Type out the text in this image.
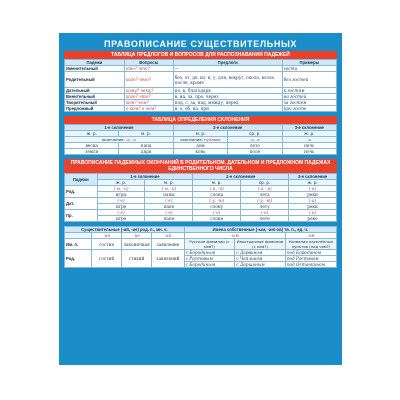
ПРАВОПИСАНИЕ СУЩЕСТВИТЕЛЬНЫХ
ТАБЛИЦА ПРЕДЛОГОВ И ВОПРОСОВ ДЛЯ РАСПОЗНАВАНИЯ ПАДЕЖЕЙ
Падежи	Вопросы	Предлоги	Примеры
Именительный	кто? что?	—	гости
Родительный	кого? чего?	без, от, до, из, к, у, для, вокруг, около, возле, после, кроме	без гостей
Дательный	кому? чему?	по, к, благодаря	к гостям
Винительный	кого? что?	в, на, за, про, через	на гостей
Творительный	кем? чем?	под, с, за, над, между, перед	за гостем
Предложный	о ком? о чём?	в, о, об, на, при	при госте
ТАБЛИЦА ОПРЕДЕЛЕНИЯ СКЛОНЕНИЯ
1-е склонение		2-е склонение		3-е склонение
ж. р.	м. р.	м. р.	ср. р.	ж. р.
окончание: -а, -я		окончание: нулевое	-о, -е	-ь
весна	папа	дом	лето	печь
земля	дядя	конь	поле	ночь
ПРАВОПИСАНИЕ ПАДЕЖНЫХ ОКОНЧАНИЙ В РОДИТЕЛЬНОМ, ДАТЕЛЬНОМ И ПРЕДЛОЖНОМ ПАДЕЖАХ ЕДИНСТВЕННОГО ЧИСЛА
Падежи	1-е склонение		2-е склонение		3-е склонение
	ж. р.	м. р.	м. р.	ср. р.	ж. р.
Род.	(-ы, -и)	(-ы, -и)	(-а, -я)	(-а, -я)	(-и)
	игры	папы	слона	лета	реки
Дат.	(-е)	(-е)	(-у, -ю)	(-у, -ю)	(-и)
	игре	папе	слону	лету	реки
Пр.	(-е)	(-е)	(-е)	(-е)	(-и)
	игре	папе	слоне	лете	реке
Существительные (-ий, -ие) род. п., мн. ч.				Имена собственные (-ым, -ин/-ов) тв. п., ед. ч.		
	-ия	-ие	-ий	-ым		-ом
Им. п.	гостия	лаконичная	заявление	Русские фамилии (с кем?)	Иностранные фамилии (с кем?)	Названия населённых пунктов (под чем?)
Род.	гостий	стихий	заявлений	с Бородиным	с Дарвином	под Бородином
				с Ростовым	с Чаплином	под Ростовом
				с Бородиным	с Даршиным	под Останкином
